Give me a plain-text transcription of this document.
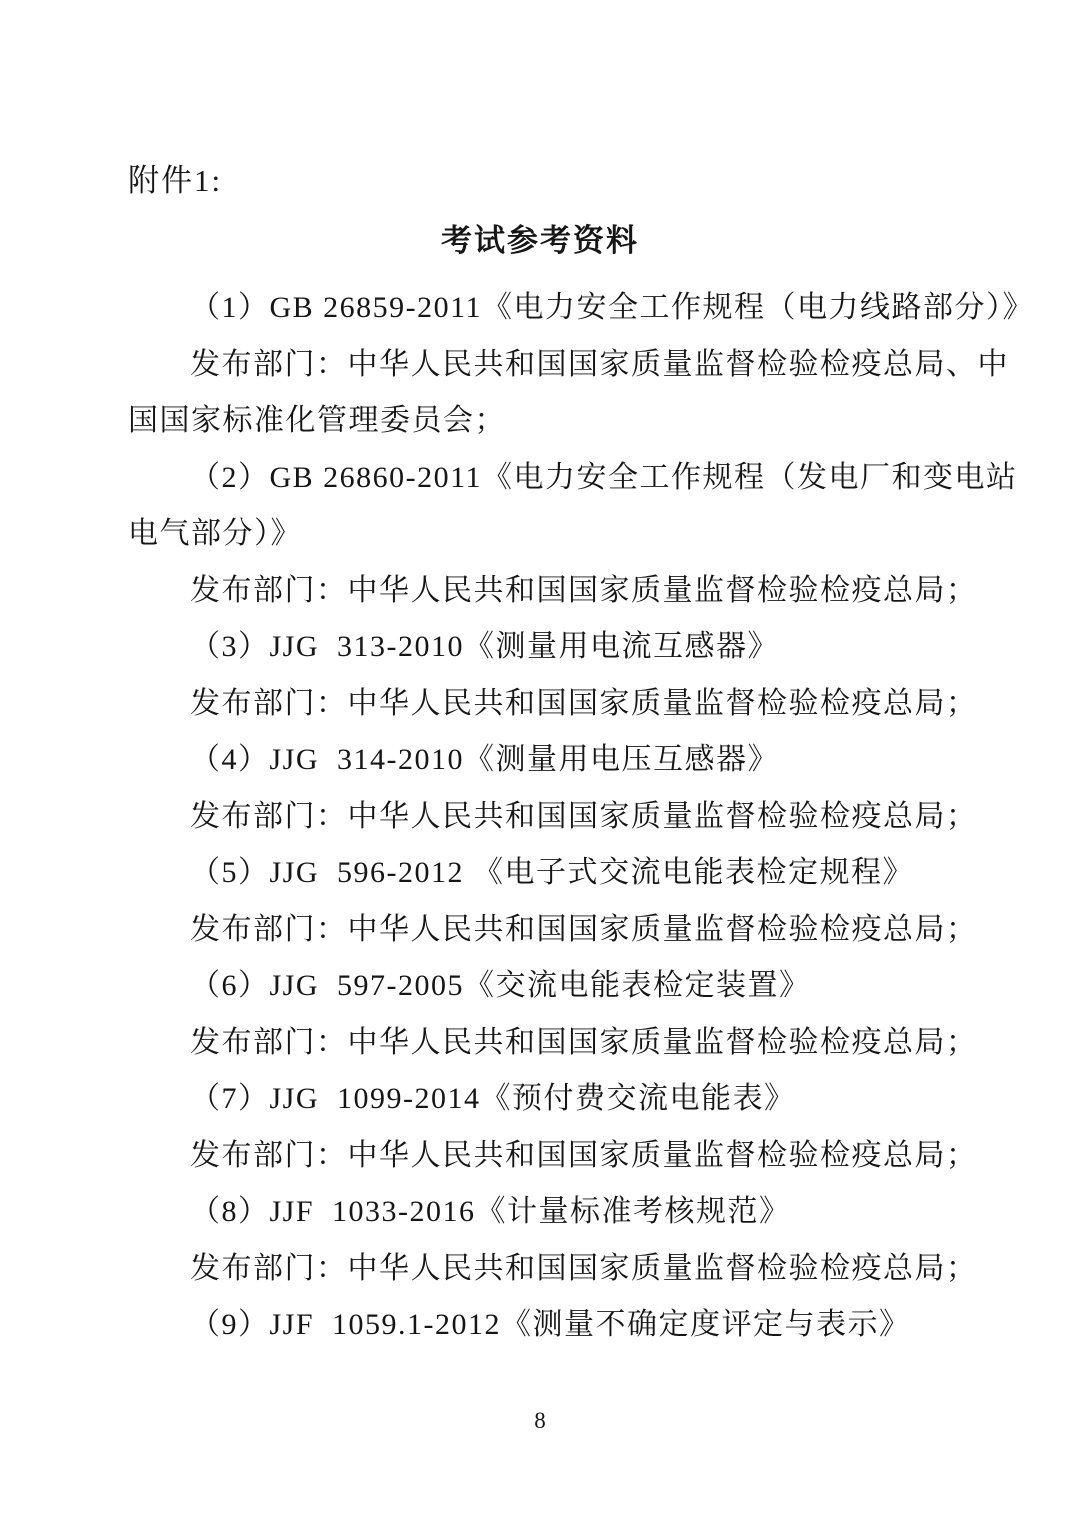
附件1:
考试参考资料
（1）GB 26859-2011《电力安全工作规程（电力线路部分）》
发布部门：中华人民共和国国家质量监督检验检疫总局、中
国国家标准化管理委员会；
（2）GB 26860-2011《电力安全工作规程（发电厂和变电站
电气部分）》
发布部门：中华人民共和国国家质量监督检验检疫总局；
（3）JJG  313-2010《测量用电流互感器》
发布部门：中华人民共和国国家质量监督检验检疫总局；
（4）JJG  314-2010《测量用电压互感器》
发布部门：中华人民共和国国家质量监督检验检疫总局；
（5）JJG  596-2012 《电子式交流电能表检定规程》
发布部门：中华人民共和国国家质量监督检验检疫总局；
（6）JJG  597-2005《交流电能表检定装置》
发布部门：中华人民共和国国家质量监督检验检疫总局；
（7）JJG  1099-2014《预付费交流电能表》
发布部门：中华人民共和国国家质量监督检验检疫总局；
（8）JJF  1033-2016《计量标准考核规范》
发布部门：中华人民共和国国家质量监督检验检疫总局；
（9）JJF  1059.1-2012《测量不确定度评定与表示》
8
